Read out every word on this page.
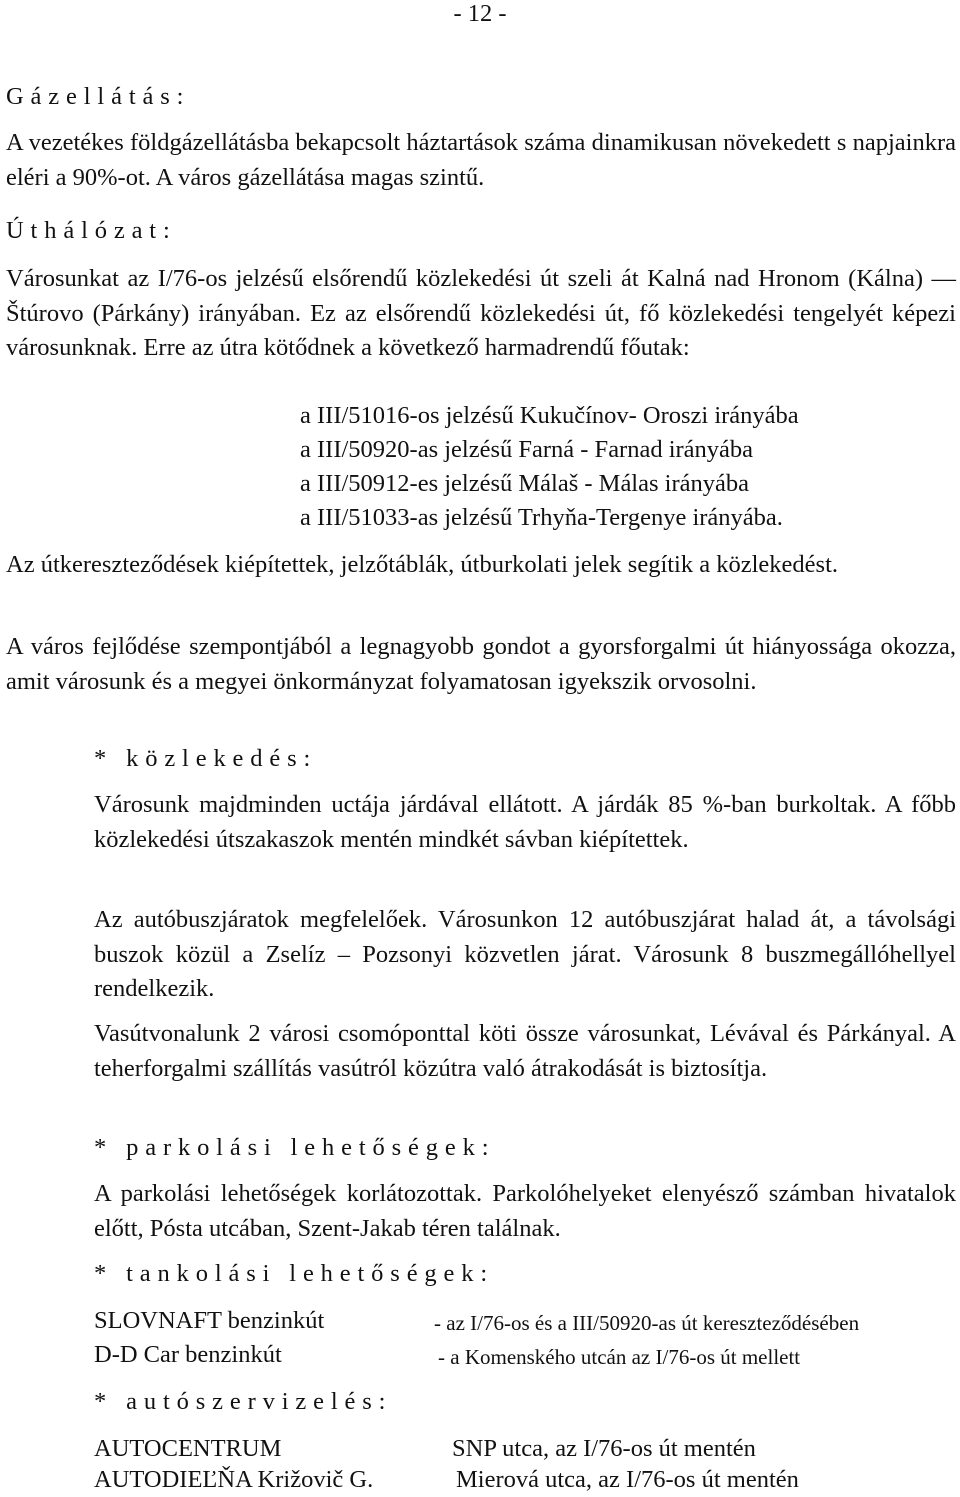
- 12 -
Gázellátás:
A vezetékes földgázellátásba bekapcsolt háztartások száma dinamikusan növekedett s napjainkra eléri a 90%-ot. A város gázellátása magas szintű.
Úthálózat:
Városunkat az I/76-os jelzésű elsőrendű közlekedési út szeli át Kalná nad Hronom (Kálna) — Štúrovo (Párkány) irányában. Ez az elsőrendű közlekedési út, fő közlekedési tengelyét képezi városunknak. Erre az útra kötődnek a következő harmadrendű főutak:
a III/51016-os jelzésű Kukučínov- Oroszi irányába
a III/50920-as jelzésű Farná - Farnad irányába
a III/50912-es jelzésű Málaš - Málas irányába
a III/51033-as jelzésű Trhyňa-Tergenye irányába.
Az útkereszteződések kiépítettek, jelzőtáblák, útburkolati jelek segítik a közlekedést.
A város fejlődése szempontjából a legnagyobb gondot a gyorsforgalmi út hiányossága okozza, amit városunk és a megyei önkormányzat folyamatosan igyekszik orvosolni.
* közlekedés:
Városunk majdminden uctája járdával ellátott. A járdák 85 %-ban burkoltak. A főbb közlekedési útszakaszok mentén mindkét sávban kiépítettek.
Az autóbuszjáratok megfelelőek. Városunkon 12 autóbuszjárat halad át, a távolsági buszok közül a Zselíz – Pozsonyi közvetlen járat. Városunk 8 buszmegállóhellyel rendelkezik.
Vasútvonalunk 2 városi csomóponttal köti össze városunkat, Lévával és Párkányal. A teherforgalmi szállítás vasútról közútra való átrakodását is biztosítja.
* parkolási lehetőségek:
A parkolási lehetőségek korlátozottak. Parkolóhelyeket elenyésző számban hivatalok előtt, Pósta utcában, Szent-Jakab téren találnak.
* tankolási lehetőségek:
SLOVNAFT benzinkút	- az I/76-os és a III/50920-as út kereszteződésében
D-D Car benzinkút	- a Komenského utcán az I/76-os út mellett
* autószervizelés:
AUTOCENTRUM	SNP utca, az I/76-os út mentén
AUTODIEĽŇA Križovič G.	Mierová utca, az I/76-os út mentén
